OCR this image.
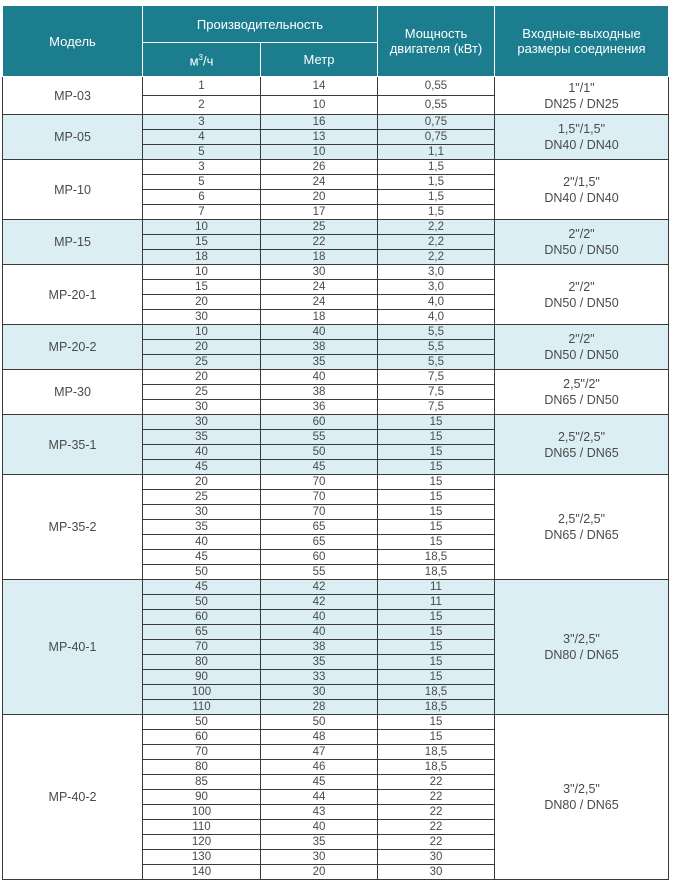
Модель	Производительность		Мощность двигателя (кВт)	Входные-выходные размеры соединения
	$м^3/ч$	Метр		
MP-03	1	14	0,55	1"/1"
DN25 / DN25

	2	10	0,55	
MP-05	3	16	0,75	1,5"/1,5"
DN40 / DN40

	4	13	0,75	
	5	10	1,1	
MP-10	3	26	1,5	2"/1,5"
DN40 / DN40

	5	24	1,5	
	6	20	1,5	
	7	17	1,5	
MP-15	10	25	2,2	2"/2"
DN50 / DN50

	15	22	2,2	
	18	18	2,2	
MP-20-1	10	30	3,0	2"/2"
DN50 / DN50

	15	24	3,0	
	20	24	4,0	
	30	18	4,0	
MP-20-2	10	40	5,5	2"/2"
DN50 / DN50

	20	38	5,5	
	25	35	5,5	
MP-30	20	40	7,5	2,5"/2"
DN65 / DN50

	25	38	7,5	
	30	36	7,5	
MP-35-1	30	60	15	2,5"/2,5"
DN65 / DN65

	35	55	15	
	40	50	15	
	45	45	15	
MP-35-2	20	70	15	2,5"/2,5"
DN65 / DN65

	25	70	15	
	30	70	15	
	35	65	15	
	40	65	15	
	45	60	18,5	
	50	55	18,5	
MP-40-1	45	42	11	3"/2,5"
DN80 / DN65

	50	42	11	
	60	40	15	
	65	40	15	
	70	38	15	
	80	35	15	
	90	33	15	
	100	30	18,5	
	110	28	18,5	
MP-40-2	50	50	15	3"/2,5"
DN80 / DN65

	60	48	15	
	70	47	18,5	
	80	46	18,5	
	85	45	22	
	90	44	22	
	100	43	22	
	110	40	22	
	120	35	22	
	130	30	30	
	140	20	30	
